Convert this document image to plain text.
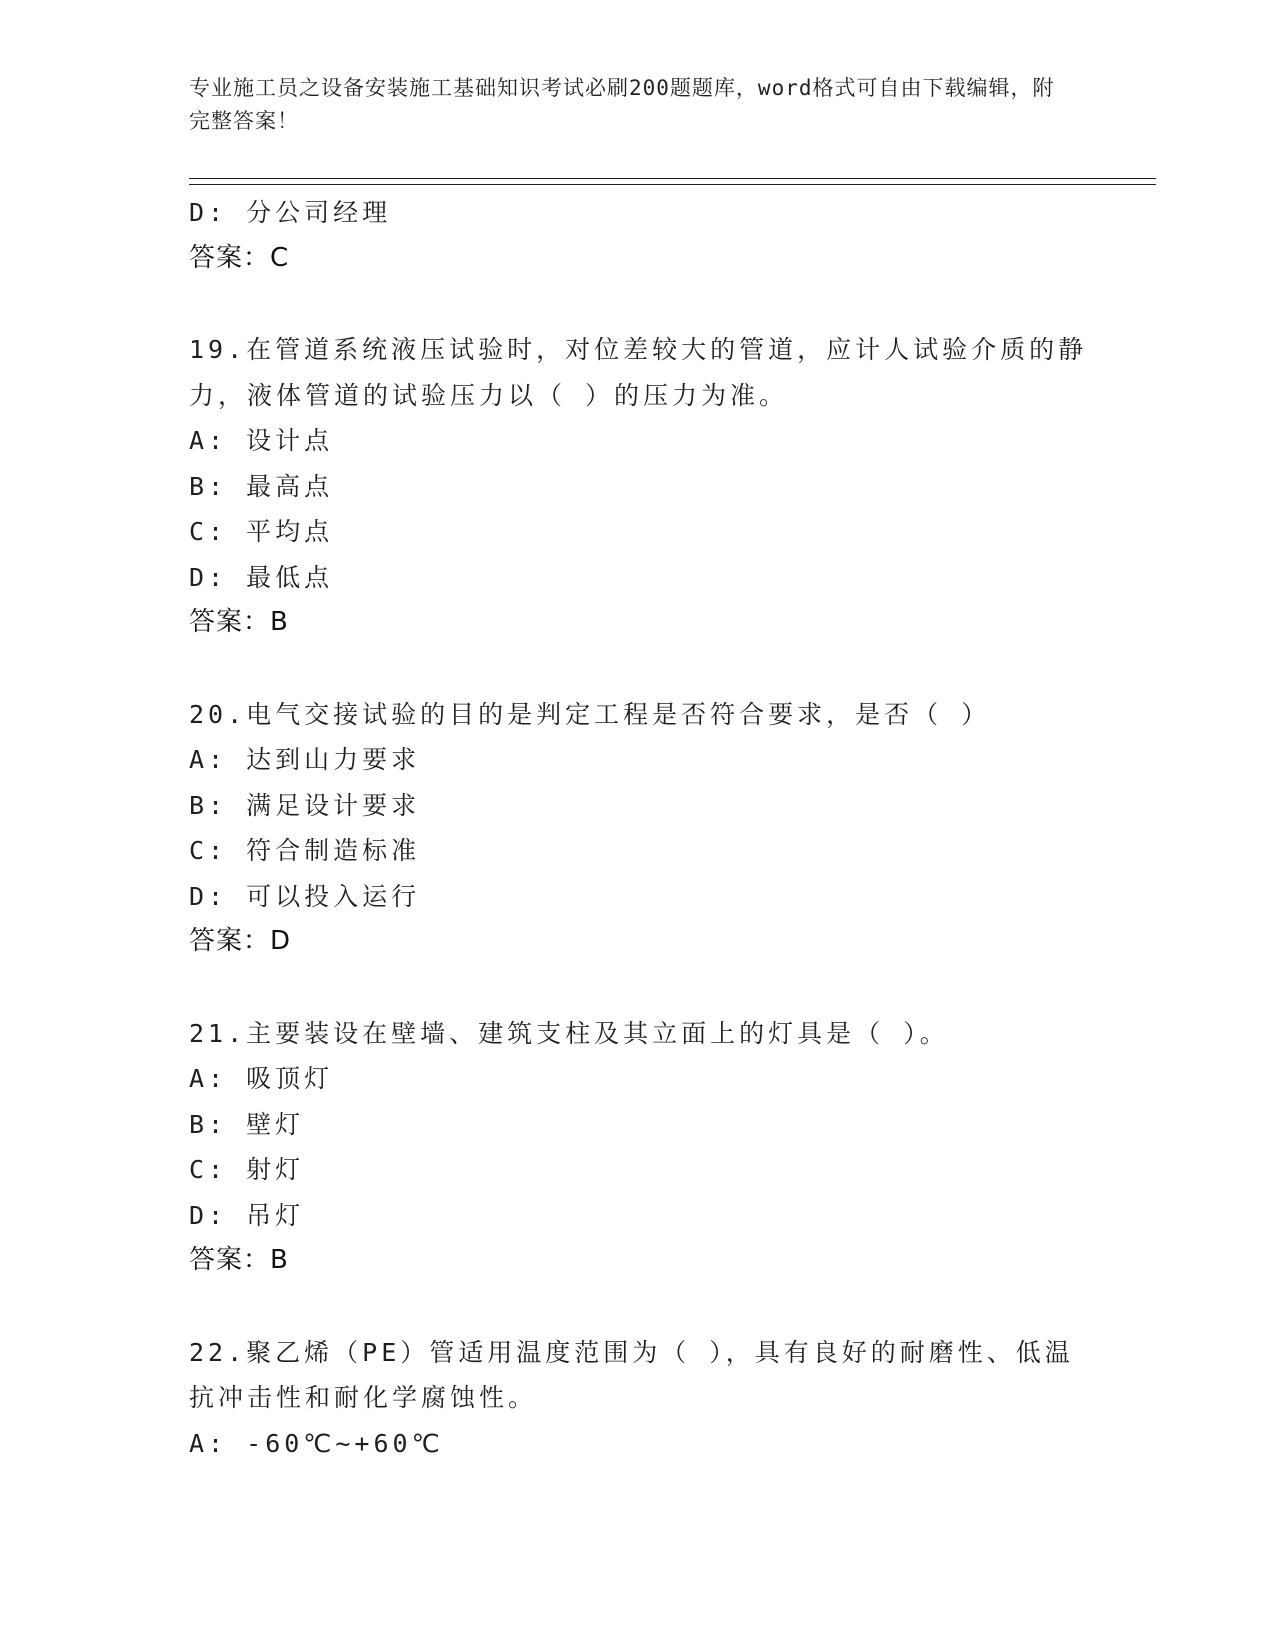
专业施工员之设备安装施工基础知识考试必刷200题题库，word格式可自由下载编辑，附完整答案！
D: 分公司经理
答案：C
19.在管道系统液压试验时，对位差较大的管道，应计人试验介质的静
力，液体管道的试验压力以（ ）的压力为准。
A: 设计点
B: 最高点
C: 平均点
D: 最低点
答案：B
20.电气交接试验的目的是判定工程是否符合要求，是否（ ）
A: 达到山力要求
B: 满足设计要求
C: 符合制造标准
D: 可以投入运行
答案：D
21.主要装设在壁墙、建筑支柱及其立面上的灯具是（ ）。
A: 吸顶灯
B: 壁灯
C: 射灯
D: 吊灯
答案：B
22.聚乙烯（PE）管适用温度范围为（ ），具有良好的耐磨性、低温
抗冲击性和耐化学腐蚀性。
A: -60℃~+60℃
